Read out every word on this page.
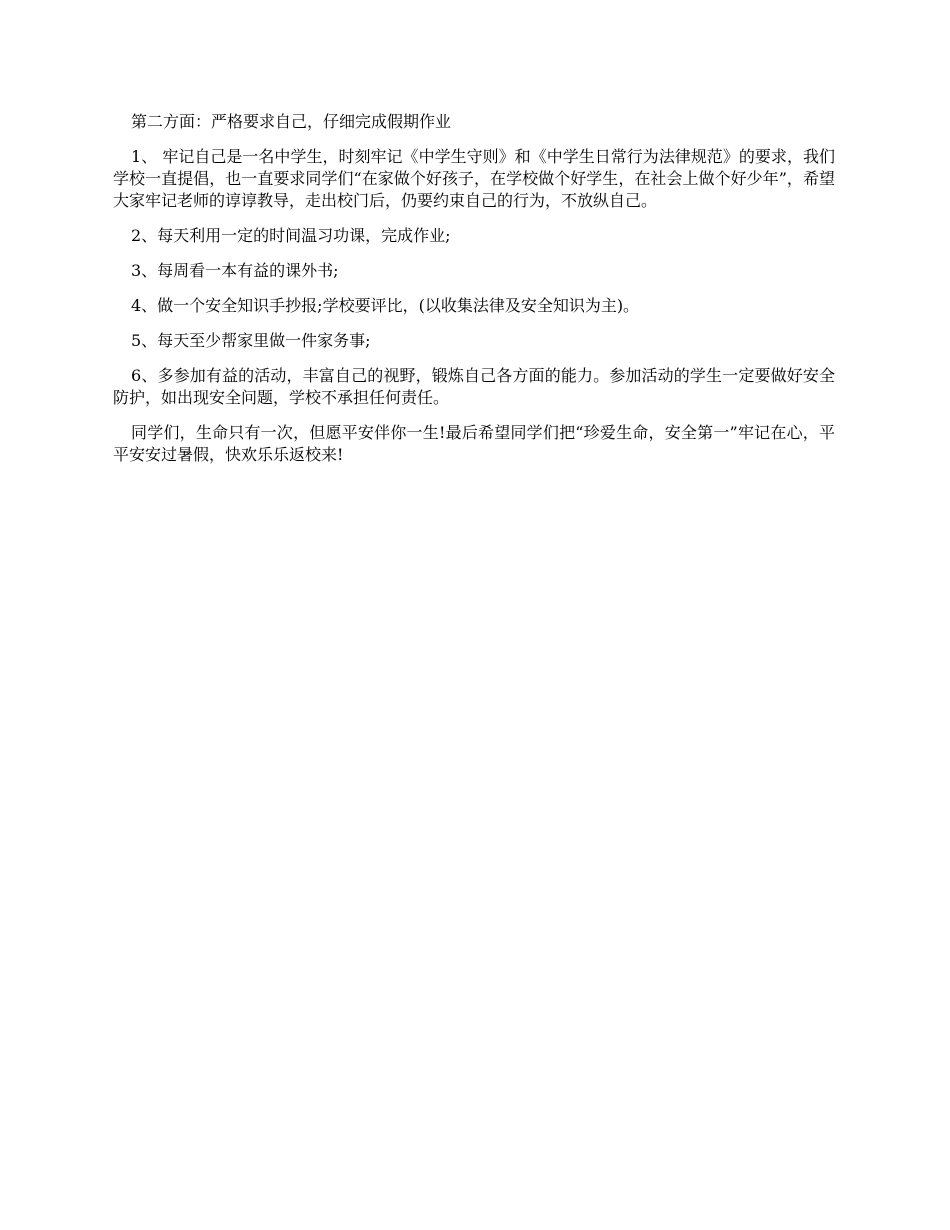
第二方面：严格要求自己，仔细完成假期作业

1、 牢记自己是一名中学生，时刻牢记《中学生守则》和《中学生日常行为法律规范》的要求，我们学校一直提倡，也一直要求同学们“在家做个好孩子，在学校做个好学生，在社会上做个好少年”，希望大家牢记老师的谆谆教导，走出校门后，仍要约束自己的行为，不放纵自己。

2、每天利用一定的时间温习功课，完成作业;

3、每周看一本有益的课外书;

4、做一个安全知识手抄报;学校要评比，(以收集法律及安全知识为主)。

5、每天至少帮家里做一件家务事;

6、多参加有益的活动，丰富自己的视野，锻炼自己各方面的能力。参加活动的学生一定要做好安全防护，如出现安全问题，学校不承担任何责任。

同学们，生命只有一次，但愿平安伴你一生!最后希望同学们把“珍爱生命，安全第一”牢记在心，平平安安过暑假，快欢乐乐返校来!
